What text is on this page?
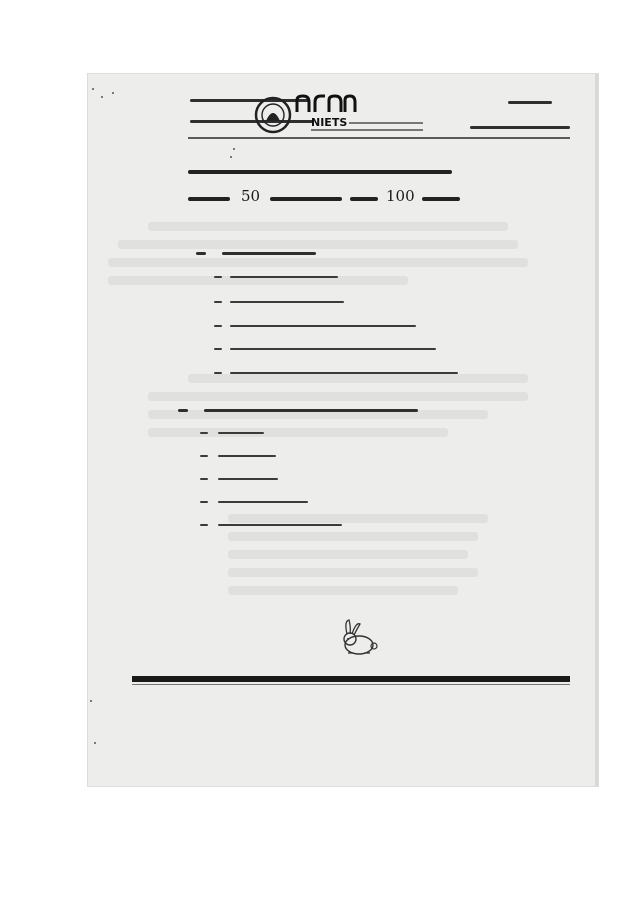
NIETS
50	100
